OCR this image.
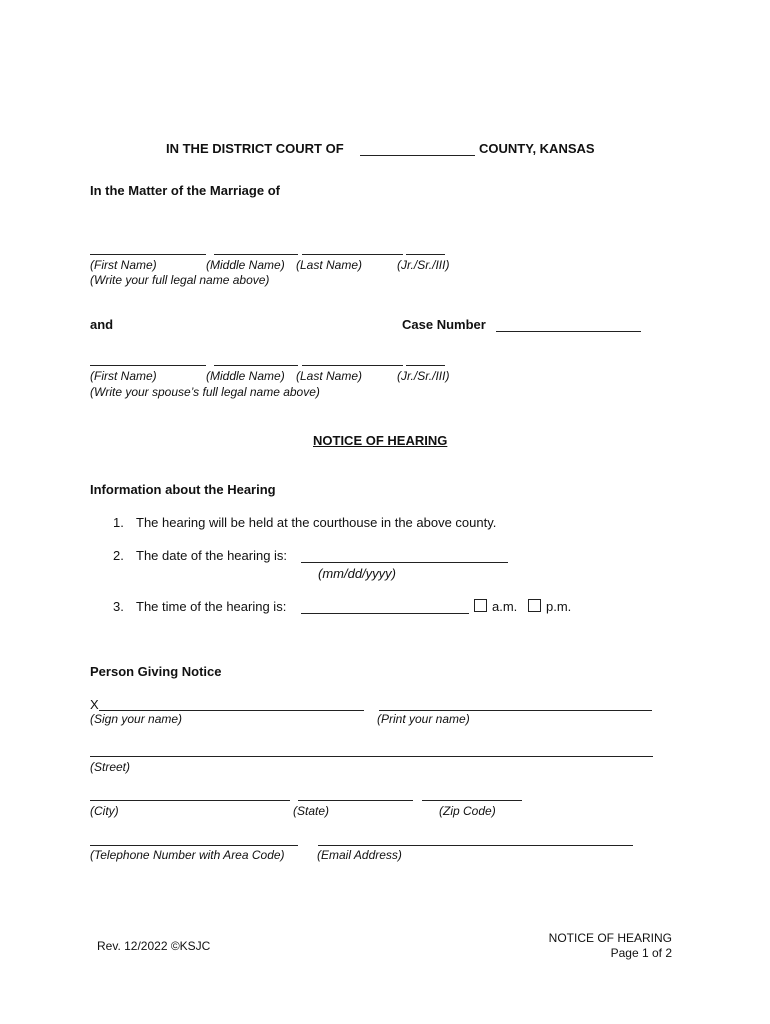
IN THE DISTRICT COURT OF	COUNTY, KANSAS
In the Matter of the Marriage of
(First Name)	(Middle Name) (Last Name)	(Jr./Sr./III)
(Write your full legal name above)
and	Case Number
(First Name)	(Middle Name) (Last Name)	(Jr./Sr./III)
(Write your spouse’s full legal name above)
NOTICE OF HEARING
Information about the Hearing
1. The hearing will be held at the courthouse in the above county.
2. The date of the hearing is:
(mm/dd/yyyy)
3. The time of the hearing is:	a.m. p.m.
Person Giving Notice
X
(Sign your name)	(Print your name)
(Street)
(City)	(State)	(Zip Code)
(Telephone Number with Area Code)	(Email Address)
Rev. 12/2022 ©KSJC
NOTICE OF HEARING
Page 1 of 2
